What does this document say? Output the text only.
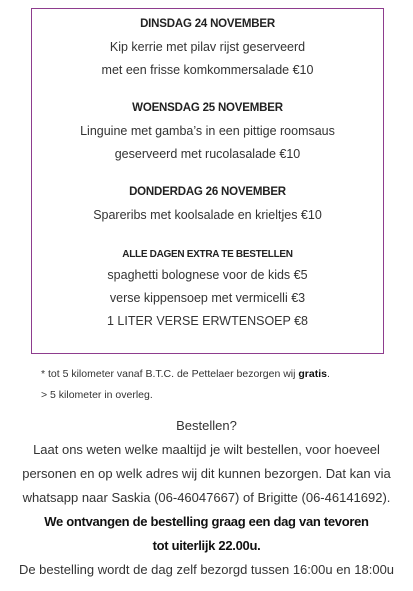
DINSDAG 24 NOVEMBER
Kip kerrie met pilav rijst geserveerd
met een frisse komkommersalade €10
WOENSDAG 25 NOVEMBER
Linguine met gamba’s in een pittige roomsaus
geserveerd met rucolasalade €10
DONDERDAG 26 NOVEMBER
Spareribs met koolsalade en krieltjes €10
ALLE DAGEN EXTRA TE BESTELLEN
spaghetti bolognese voor de kids €5
verse kippensoep met vermicelli €3
1 LITER VERSE ERWTENSOEP €8
* tot 5 kilometer vanaf B.T.C. de Pettelaer bezorgen wij gratis.
> 5 kilometer in overleg.
Bestellen?
Laat ons weten welke maaltijd je wilt bestellen, voor hoeveel
personen en op welk adres wij dit kunnen bezorgen. Dat kan via
whatsapp naar Saskia (06-46047667) of Brigitte (06-46141692).
We ontvangen de bestelling graag een dag van tevoren
tot uiterlijk 22.00u.
De bestelling wordt de dag zelf bezorgd tussen 16:00u en 18:00u
